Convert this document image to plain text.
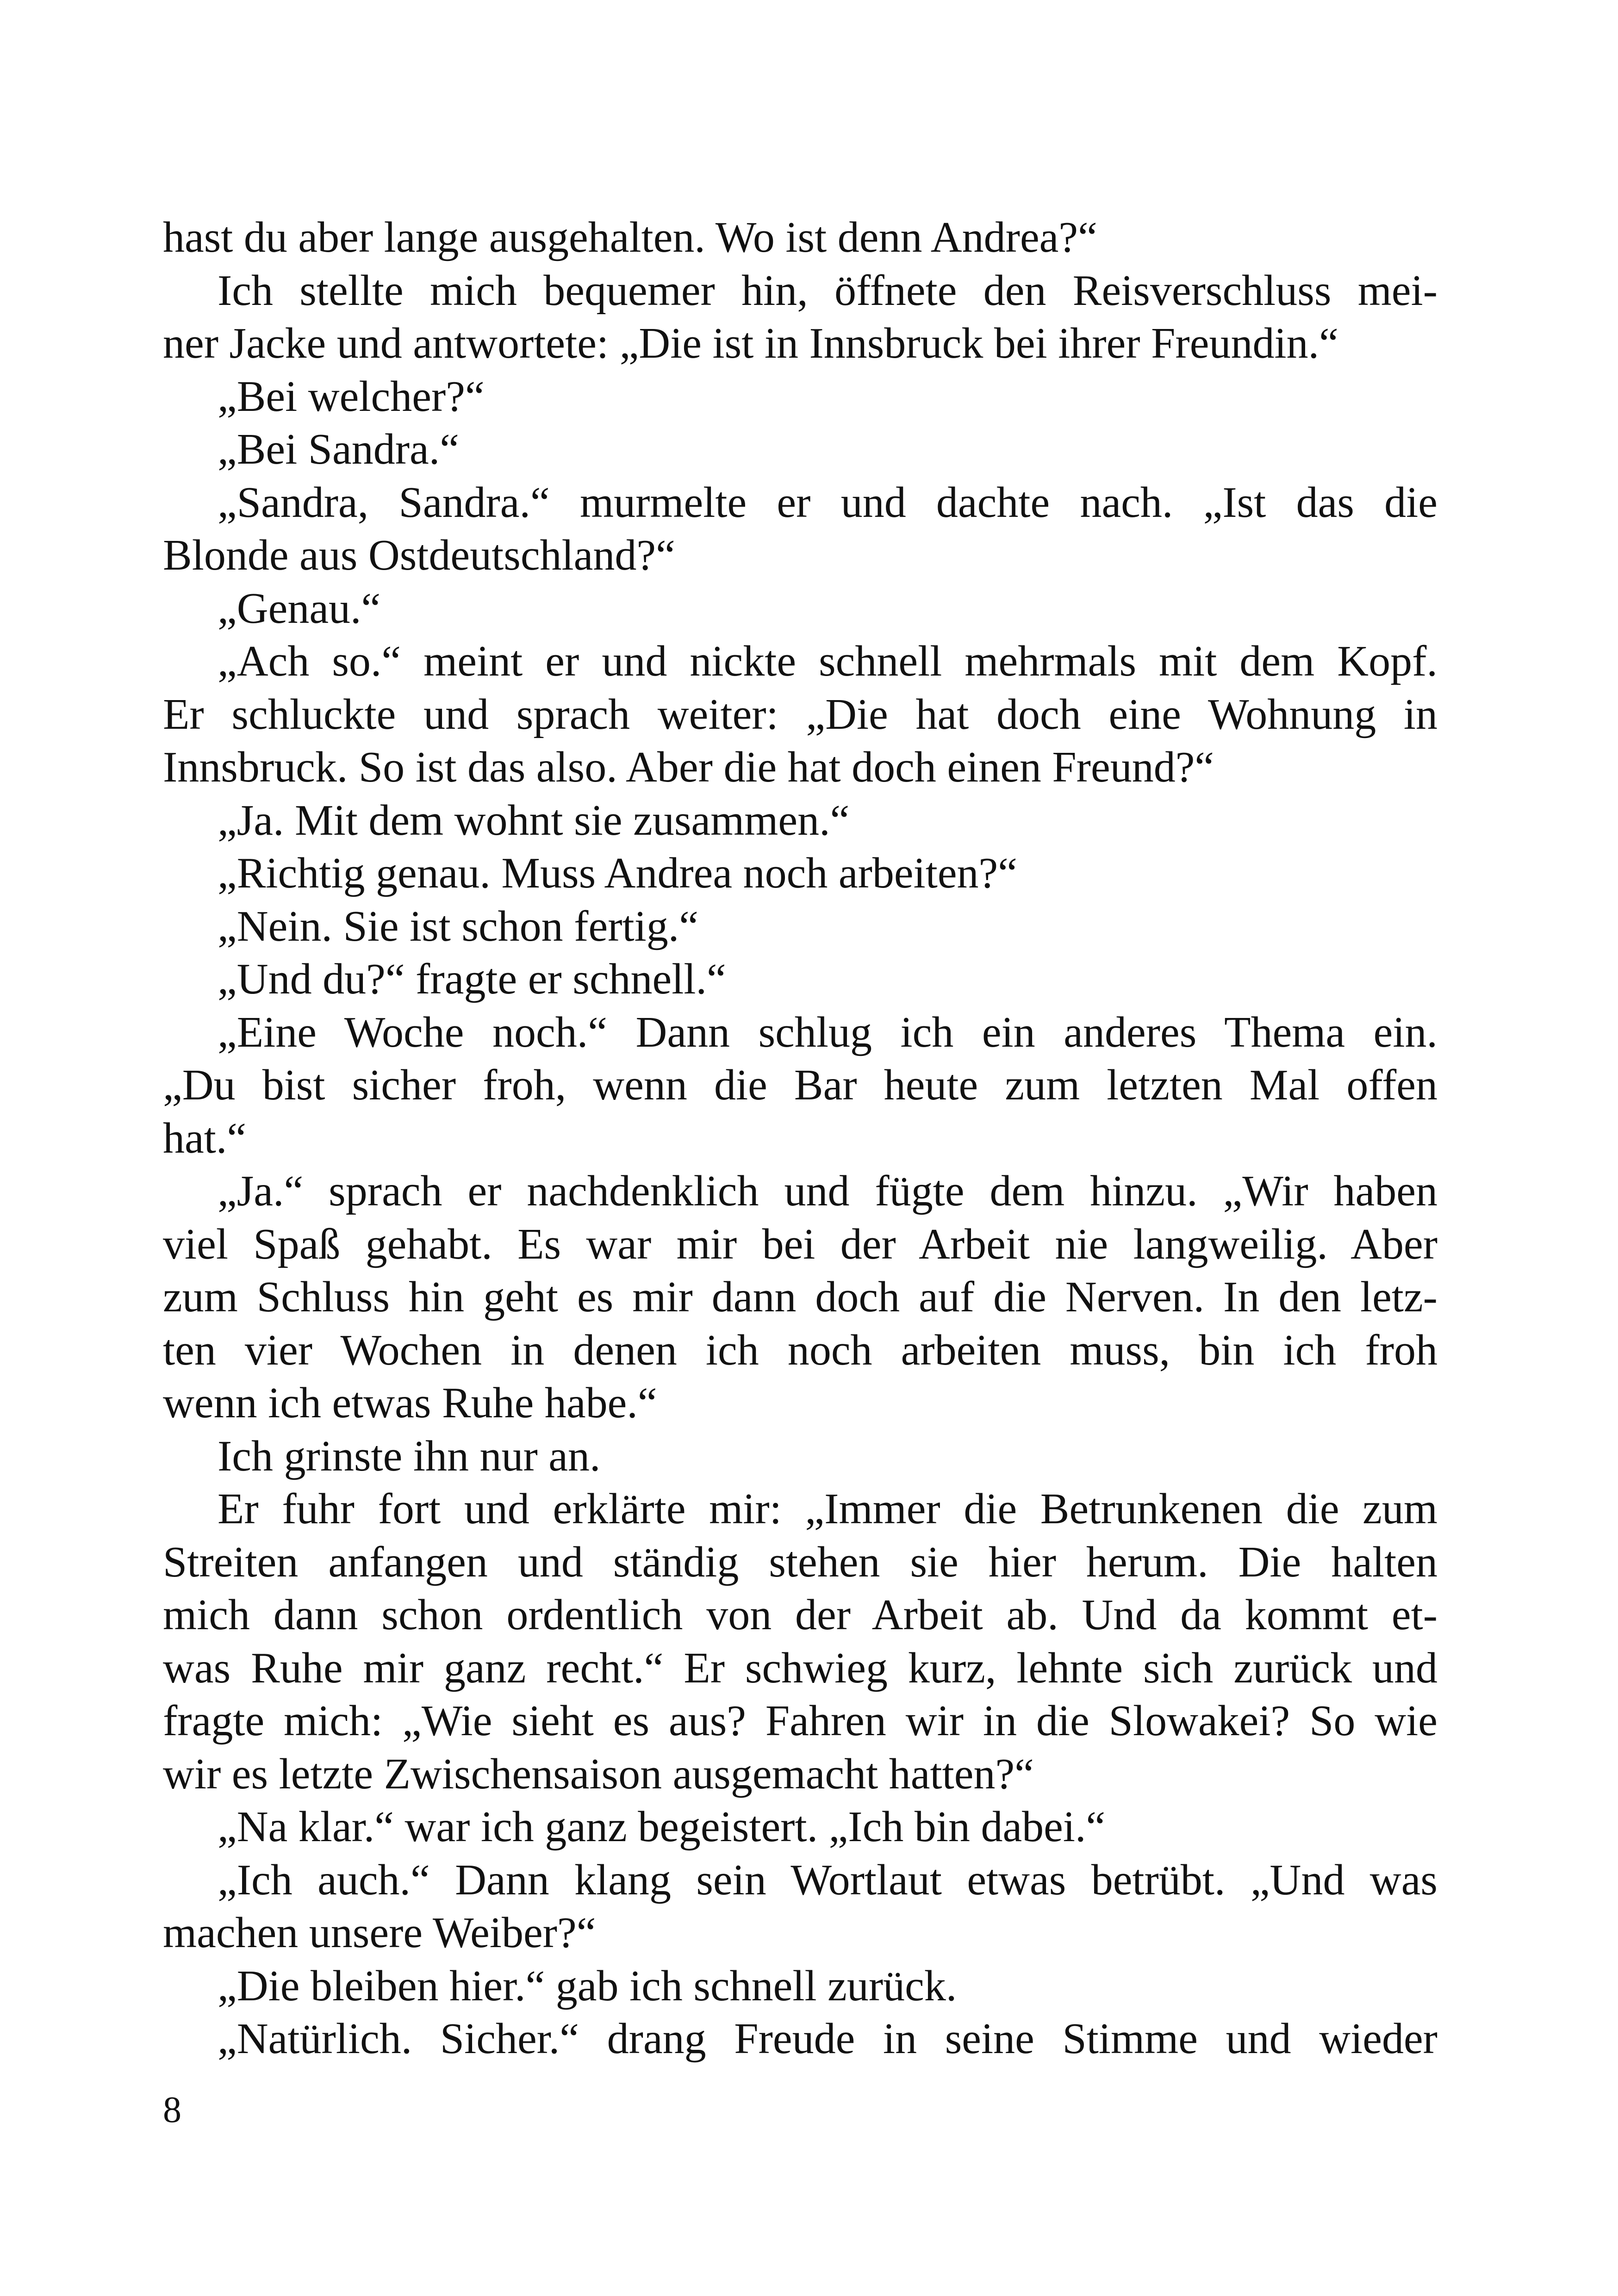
hast du aber lange ausgehalten. Wo ist denn Andrea?“
Ich stellte mich bequemer hin, öffnete den Reisverschluss mei-
ner Jacke und antwortete: „Die ist in Innsbruck bei ihrer Freundin.“
„Bei welcher?“
„Bei Sandra.“
„Sandra, Sandra.“ murmelte er und dachte nach. „Ist das die
Blonde aus Ostdeutschland?“
„Genau.“
„Ach so.“ meint er und nickte schnell mehrmals mit dem Kopf.
Er schluckte und sprach weiter: „Die hat doch eine Wohnung in
Innsbruck. So ist das also. Aber die hat doch einen Freund?“
„Ja. Mit dem wohnt sie zusammen.“
„Richtig genau. Muss Andrea noch arbeiten?“
„Nein. Sie ist schon fertig.“
„Und du?“ fragte er schnell.“
„Eine Woche noch.“ Dann schlug ich ein anderes Thema ein.
„Du bist sicher froh, wenn die Bar heute zum letzten Mal offen
hat.“
„Ja.“ sprach er nachdenklich und fügte dem hinzu. „Wir haben
viel Spaß gehabt. Es war mir bei der Arbeit nie langweilig. Aber
zum Schluss hin geht es mir dann doch auf die Nerven. In den letz-
ten vier Wochen in denen ich noch arbeiten muss, bin ich froh
wenn ich etwas Ruhe habe.“
Ich grinste ihn nur an.
Er fuhr fort und erklärte mir: „Immer die Betrunkenen die zum
Streiten anfangen und ständig stehen sie hier herum. Die halten
mich dann schon ordentlich von der Arbeit ab. Und da kommt et-
was Ruhe mir ganz recht.“ Er schwieg kurz, lehnte sich zurück und
fragte mich: „Wie sieht es aus? Fahren wir in die Slowakei? So wie
wir es letzte Zwischensaison ausgemacht hatten?“
„Na klar.“ war ich ganz begeistert. „Ich bin dabei.“
„Ich auch.“ Dann klang sein Wortlaut etwas betrübt. „Und was
machen unsere Weiber?“
„Die bleiben hier.“ gab ich schnell zurück.
„Natürlich. Sicher.“ drang Freude in seine Stimme und wieder
8
